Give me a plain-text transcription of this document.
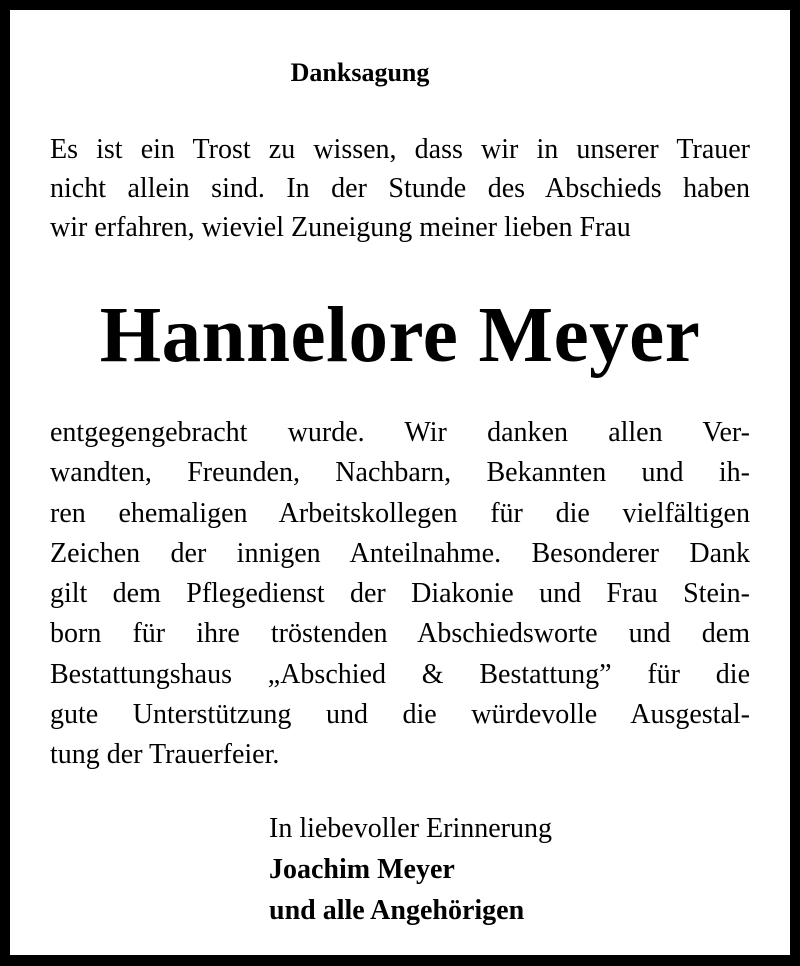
Danksagung
Es ist ein Trost zu wissen, dass wir in unserer Trauer
nicht allein sind. In der Stunde des Abschieds haben
wir erfahren, wieviel Zuneigung meiner lieben Frau
Hannelore Meyer
entgegengebracht wurde. Wir danken allen Ver-
wandten, Freunden, Nachbarn, Bekannten und ih-
ren ehemaligen Arbeitskollegen für die vielfältigen
Zeichen der innigen Anteilnahme. Besonderer Dank
gilt dem Pflegedienst der Diakonie und Frau Stein-
born für ihre tröstenden Abschiedsworte und dem
Bestattungshaus „Abschied & Bestattung” für die
gute Unterstützung und die würdevolle Ausgestal-
tung der Trauerfeier.
In liebevoller Erinnerung
Joachim Meyer
und alle Angehörigen
